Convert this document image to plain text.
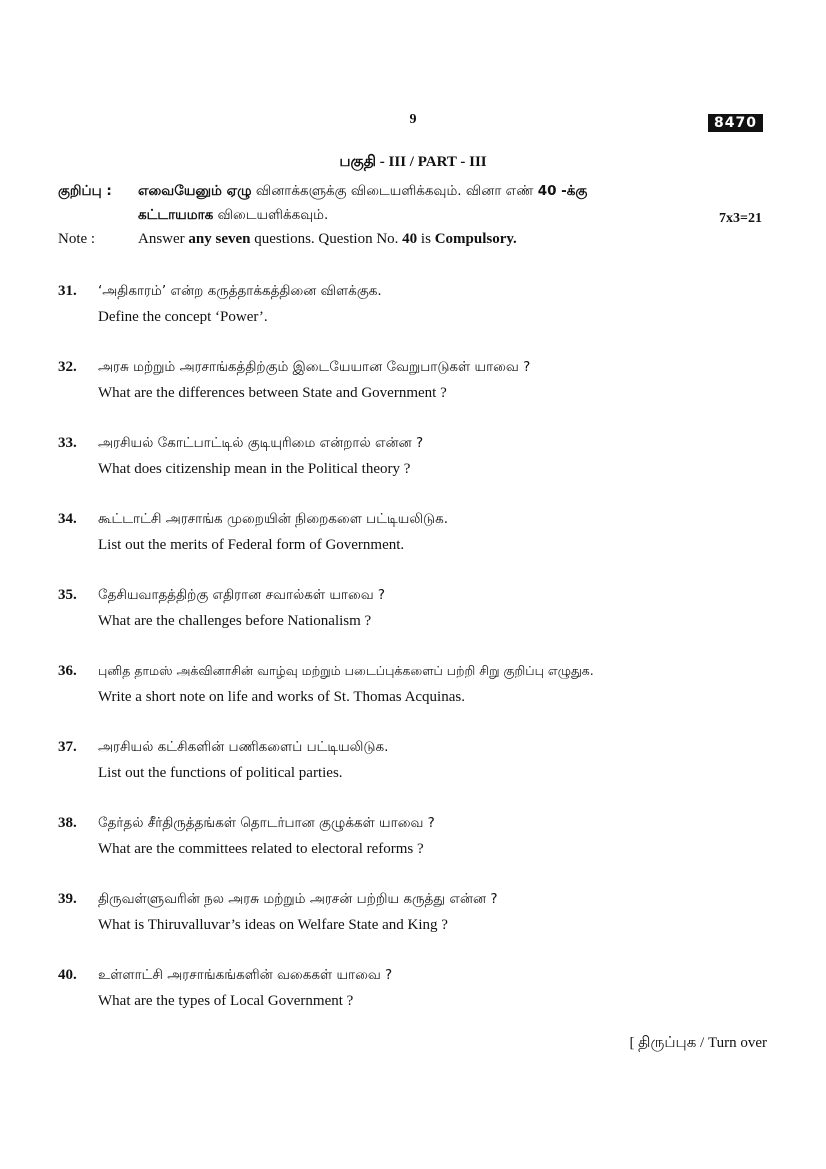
9	8470
பகுதி - III / PART - III
குறிப்பு : எவையேனும் ஏழு வினாக்களுக்கு விடையளிக்கவும். வினா எண் 40 -க்கு
கட்டாயமாக விடையளிக்கவும்.	7x3=21
Note :	Answer any seven questions. Question No. 40 is Compulsory.
31. ‘அதிகாரம்’ என்ற கருத்தாக்கத்தினை விளக்குக.
Define the concept ‘Power’.
32. அரசு மற்றும் அரசாங்கத்திற்கும் இடையேயான வேறுபாடுகள் யாவை ?
What are the differences between State and Government ?
33. அரசியல் கோட்பாட்டில் குடியுரிமை என்றால் என்ன ?
What does citizenship mean in the Political theory ?
34. கூட்டாட்சி அரசாங்க முறையின் நிறைகளை பட்டியலிடுக.
List out the merits of Federal form of Government.
35. தேசியவாதத்திற்கு எதிரான சவால்கள் யாவை ?
What are the challenges before Nationalism ?
36. புனித தாமஸ் அக்வினாசின் வாழ்வு மற்றும் படைப்புக்களைப் பற்றி சிறு குறிப்பு எழுதுக.
Write a short note on life and works of St. Thomas Acquinas.
37. அரசியல் கட்சிகளின் பணிகளைப் பட்டியலிடுக.
List out the functions of political parties.
38. தேர்தல் சீர்திருத்தங்கள் தொடர்பான குழுக்கள் யாவை ?
What are the committees related to electoral reforms ?
39. திருவள்ளுவரின் நல அரசு மற்றும் அரசன் பற்றிய கருத்து என்ன ?
What is Thiruvalluvar’s ideas on Welfare State and King ?
40. உள்ளாட்சி அரசாங்கங்களின் வகைகள் யாவை ?
What are the types of Local Government ?
[ திருப்புக / Turn over
